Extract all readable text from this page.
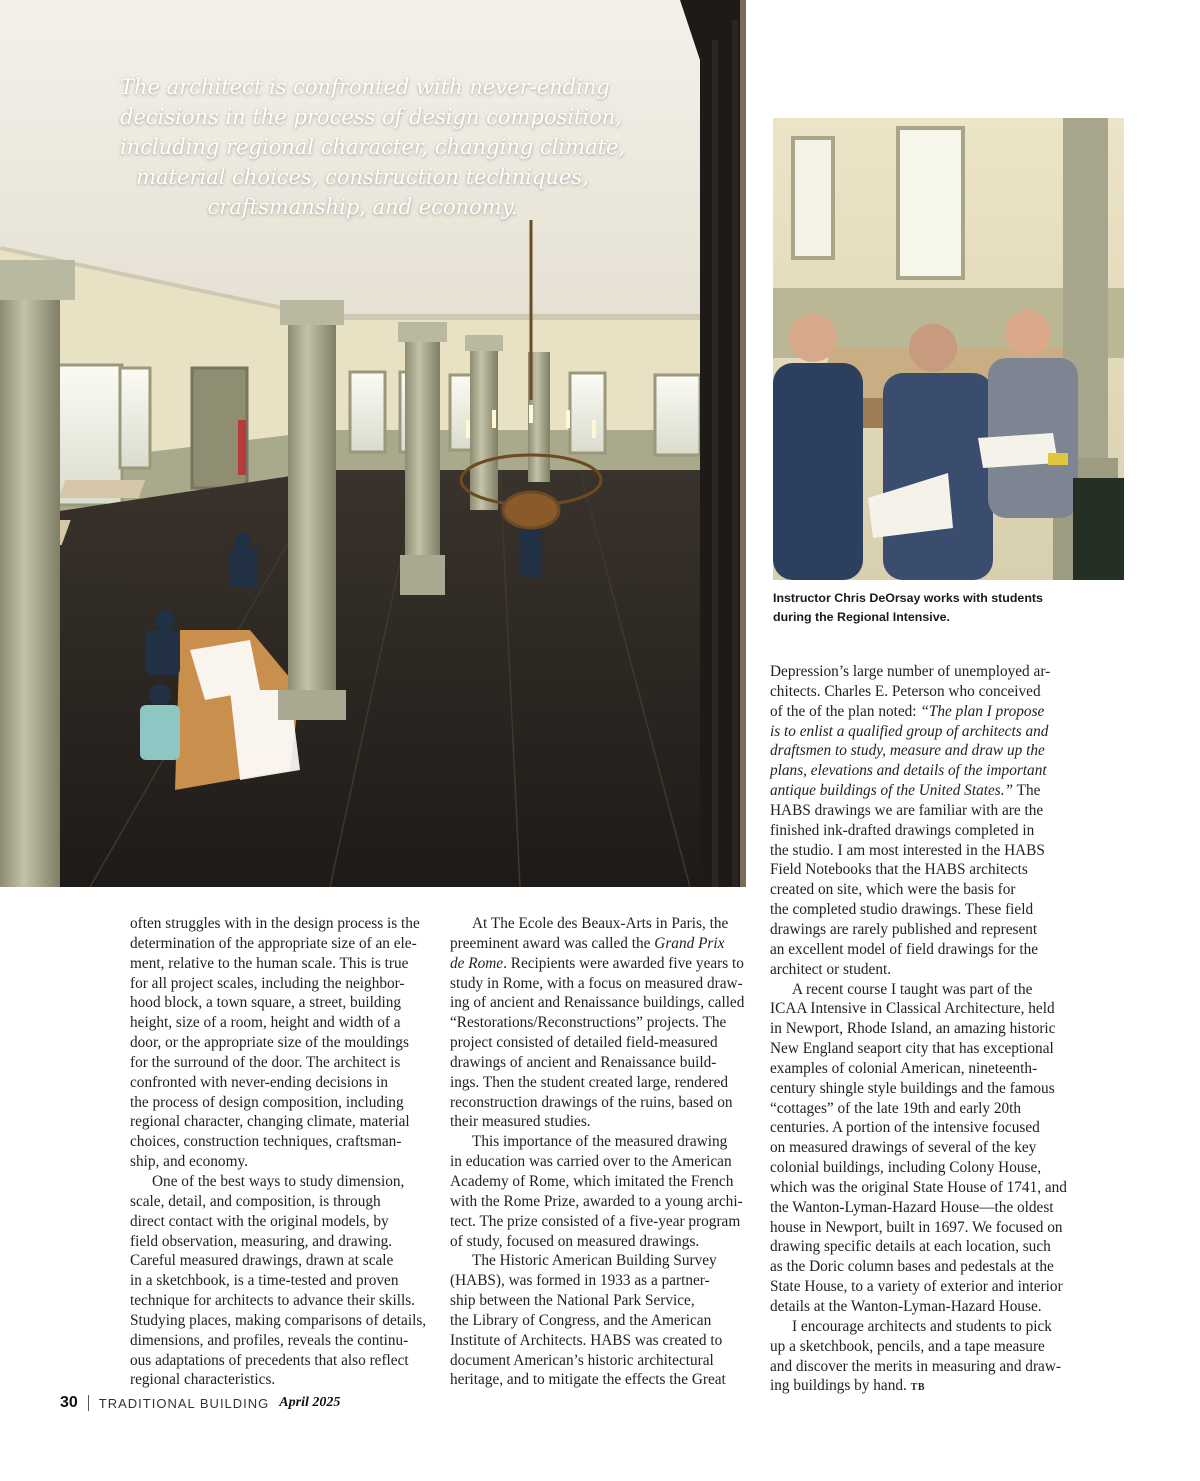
The architect is confronted with never-ending
decisions in the process of design composition,
including regional character, changing climate,
material choices, construction techniques,
craftsmanship, and economy.
Instructor Chris DeOrsay works with students
during the Regional Intensive.
often struggles with in the design process is the
determination of the appropriate size of an ele-
ment, relative to the human scale. This is true
for all project scales, including the neighbor-
hood block, a town square, a street, building
height, size of a room, height and width of a
door, or the appropriate size of the mouldings
for the surround of the door. The architect is
confronted with never-ending decisions in
the process of design composition, including
regional character, changing climate, material
choices, construction techniques, craftsman-
ship, and economy.
One of the best ways to study dimension,
scale, detail, and composition, is through
direct contact with the original models, by
field observation, measuring, and drawing.
Careful measured drawings, drawn at scale
in a sketchbook, is a time-tested and proven
technique for architects to advance their skills.
Studying places, making comparisons of details,
dimensions, and profiles, reveals the continu-
ous adaptations of precedents that also reflect
regional characteristics.
At The Ecole des Beaux-Arts in Paris, the
preeminent award was called the Grand Prix
de Rome. Recipients were awarded five years to
study in Rome, with a focus on measured draw-
ing of ancient and Renaissance buildings, called
“Restorations/Reconstructions” projects. The
project consisted of detailed field-measured
drawings of ancient and Renaissance build-
ings. Then the student created large, rendered
reconstruction drawings of the ruins, based on
their measured studies.
This importance of the measured drawing
in education was carried over to the American
Academy of Rome, which imitated the French
with the Rome Prize, awarded to a young archi-
tect. The prize consisted of a five-year program
of study, focused on measured drawings.
The Historic American Building Survey
(HABS), was formed in 1933 as a partner-
ship between the National Park Service,
the Library of Congress, and the American
Institute of Architects. HABS was created to
document American’s historic architectural
heritage, and to mitigate the effects the Great
Depression’s large number of unemployed ar-
chitects. Charles E. Peterson who conceived
of the of the plan noted: “The plan I propose
is to enlist a qualified group of architects and
draftsmen to study, measure and draw up the
plans, elevations and details of the important
antique buildings of the United States.” The
HABS drawings we are familiar with are the
finished ink-drafted drawings completed in
the studio. I am most interested in the HABS
Field Notebooks that the HABS architects
created on site, which were the basis for
the completed studio drawings. These field
drawings are rarely published and represent
an excellent model of field drawings for the
architect or student.
A recent course I taught was part of the
ICAA Intensive in Classical Architecture, held
in Newport, Rhode Island, an amazing historic
New England seaport city that has exceptional
examples of colonial American, nineteenth-
century shingle style buildings and the famous
“cottages” of the late 19th and early 20th
centuries. A portion of the intensive focused
on measured drawings of several of the key
colonial buildings, including Colony House,
which was the original State House of 1741, and
the Wanton-Lyman-Hazard House—the oldest
house in Newport, built in 1697. We focused on
drawing specific details at each location, such
as the Doric column bases and pedestals at the
State House, to a variety of exterior and interior
details at the Wanton-Lyman-Hazard House.
I encourage architects and students to pick
up a sketchbook, pencils, and a tape measure
and discover the merits in measuring and draw-
ing buildings by hand. TB
30 TRADITIONAL BUILDING April 2025
